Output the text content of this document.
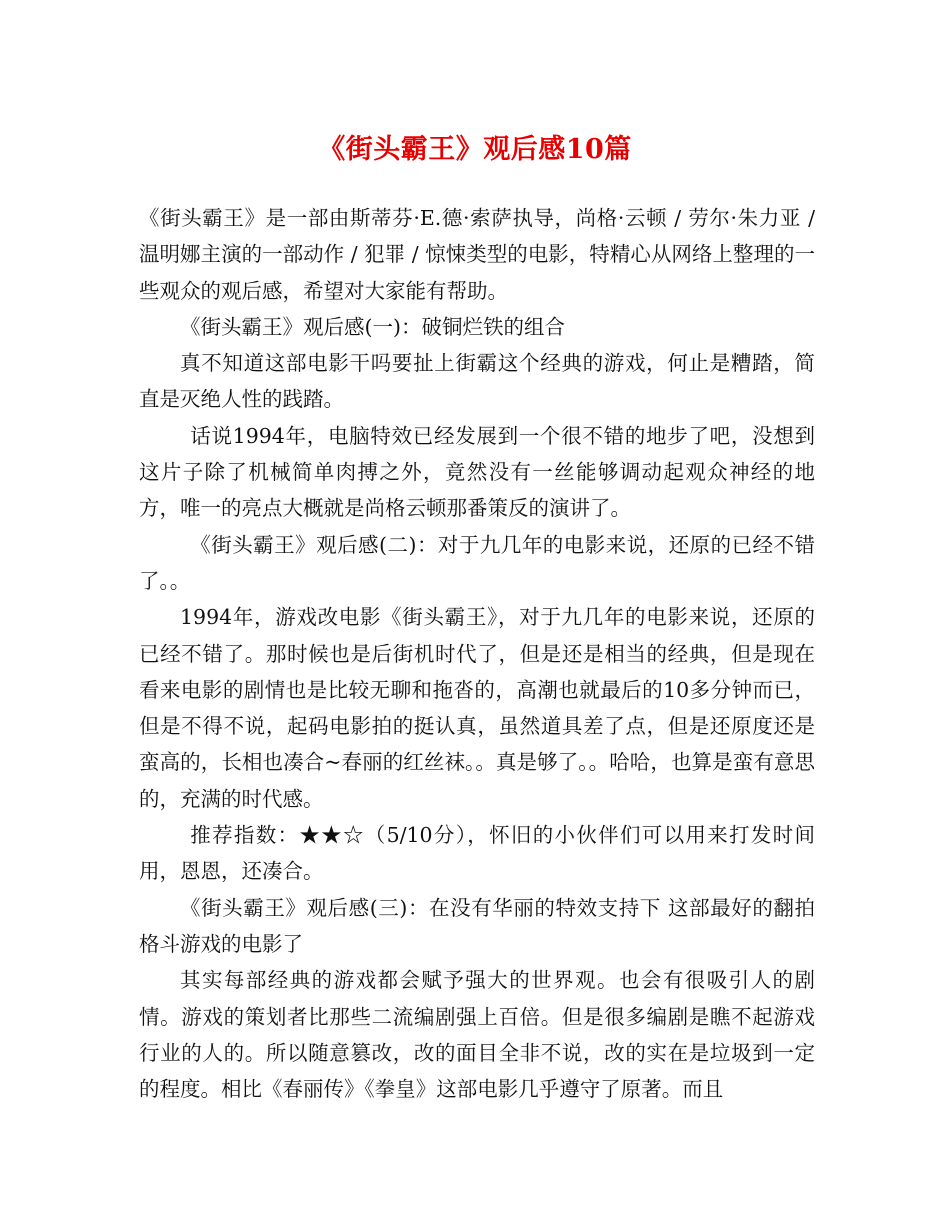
《街头霸王》观后感10篇

《街头霸王》是一部由斯蒂芬·E.德·索萨执导，尚格·云顿 / 劳尔·朱力亚 / 温明娜主演的一部动作 / 犯罪 / 惊悚类型的电影，特精心从网络上整理的一些观众的观后感，希望对大家能有帮助。

《街头霸王》观后感(一)：破铜烂铁的组合

真不知道这部电影干吗要扯上街霸这个经典的游戏，何止是糟踏，简直是灭绝人性的践踏。

话说1994年，电脑特效已经发展到一个很不错的地步了吧，没想到这片子除了机械简单肉搏之外，竟然没有一丝能够调动起观众神经的地方，唯一的亮点大概就是尚格云顿那番策反的演讲了。

《街头霸王》观后感(二)：对于九几年的电影来说，还原的已经不错了。。

1994年，游戏改电影《街头霸王》，对于九几年的电影来说，还原的已经不错了。那时候也是后街机时代了，但是还是相当的经典，但是现在看来电影的剧情也是比较无聊和拖沓的，高潮也就最后的10多分钟而已，但是不得不说，起码电影拍的挺认真，虽然道具差了点，但是还原度还是蛮高的，长相也凑合~春丽的红丝袜。。真是够了。。哈哈，也算是蛮有意思的，充满的时代感。

推荐指数：★★☆（5/10分），怀旧的小伙伴们可以用来打发时间用，恩恩，还凑合。

《街头霸王》观后感(三)：在没有华丽的特效支持下 这部最好的翻拍格斗游戏的电影了

其实每部经典的游戏都会赋予强大的世界观。也会有很吸引人的剧情。游戏的策划者比那些二流编剧强上百倍。但是很多编剧是瞧不起游戏行业的人的。所以随意篡改，改的面目全非不说，改的实在是垃圾到一定的程度。相比《春丽传》《拳皇》这部电影几乎遵守了原著。而且
